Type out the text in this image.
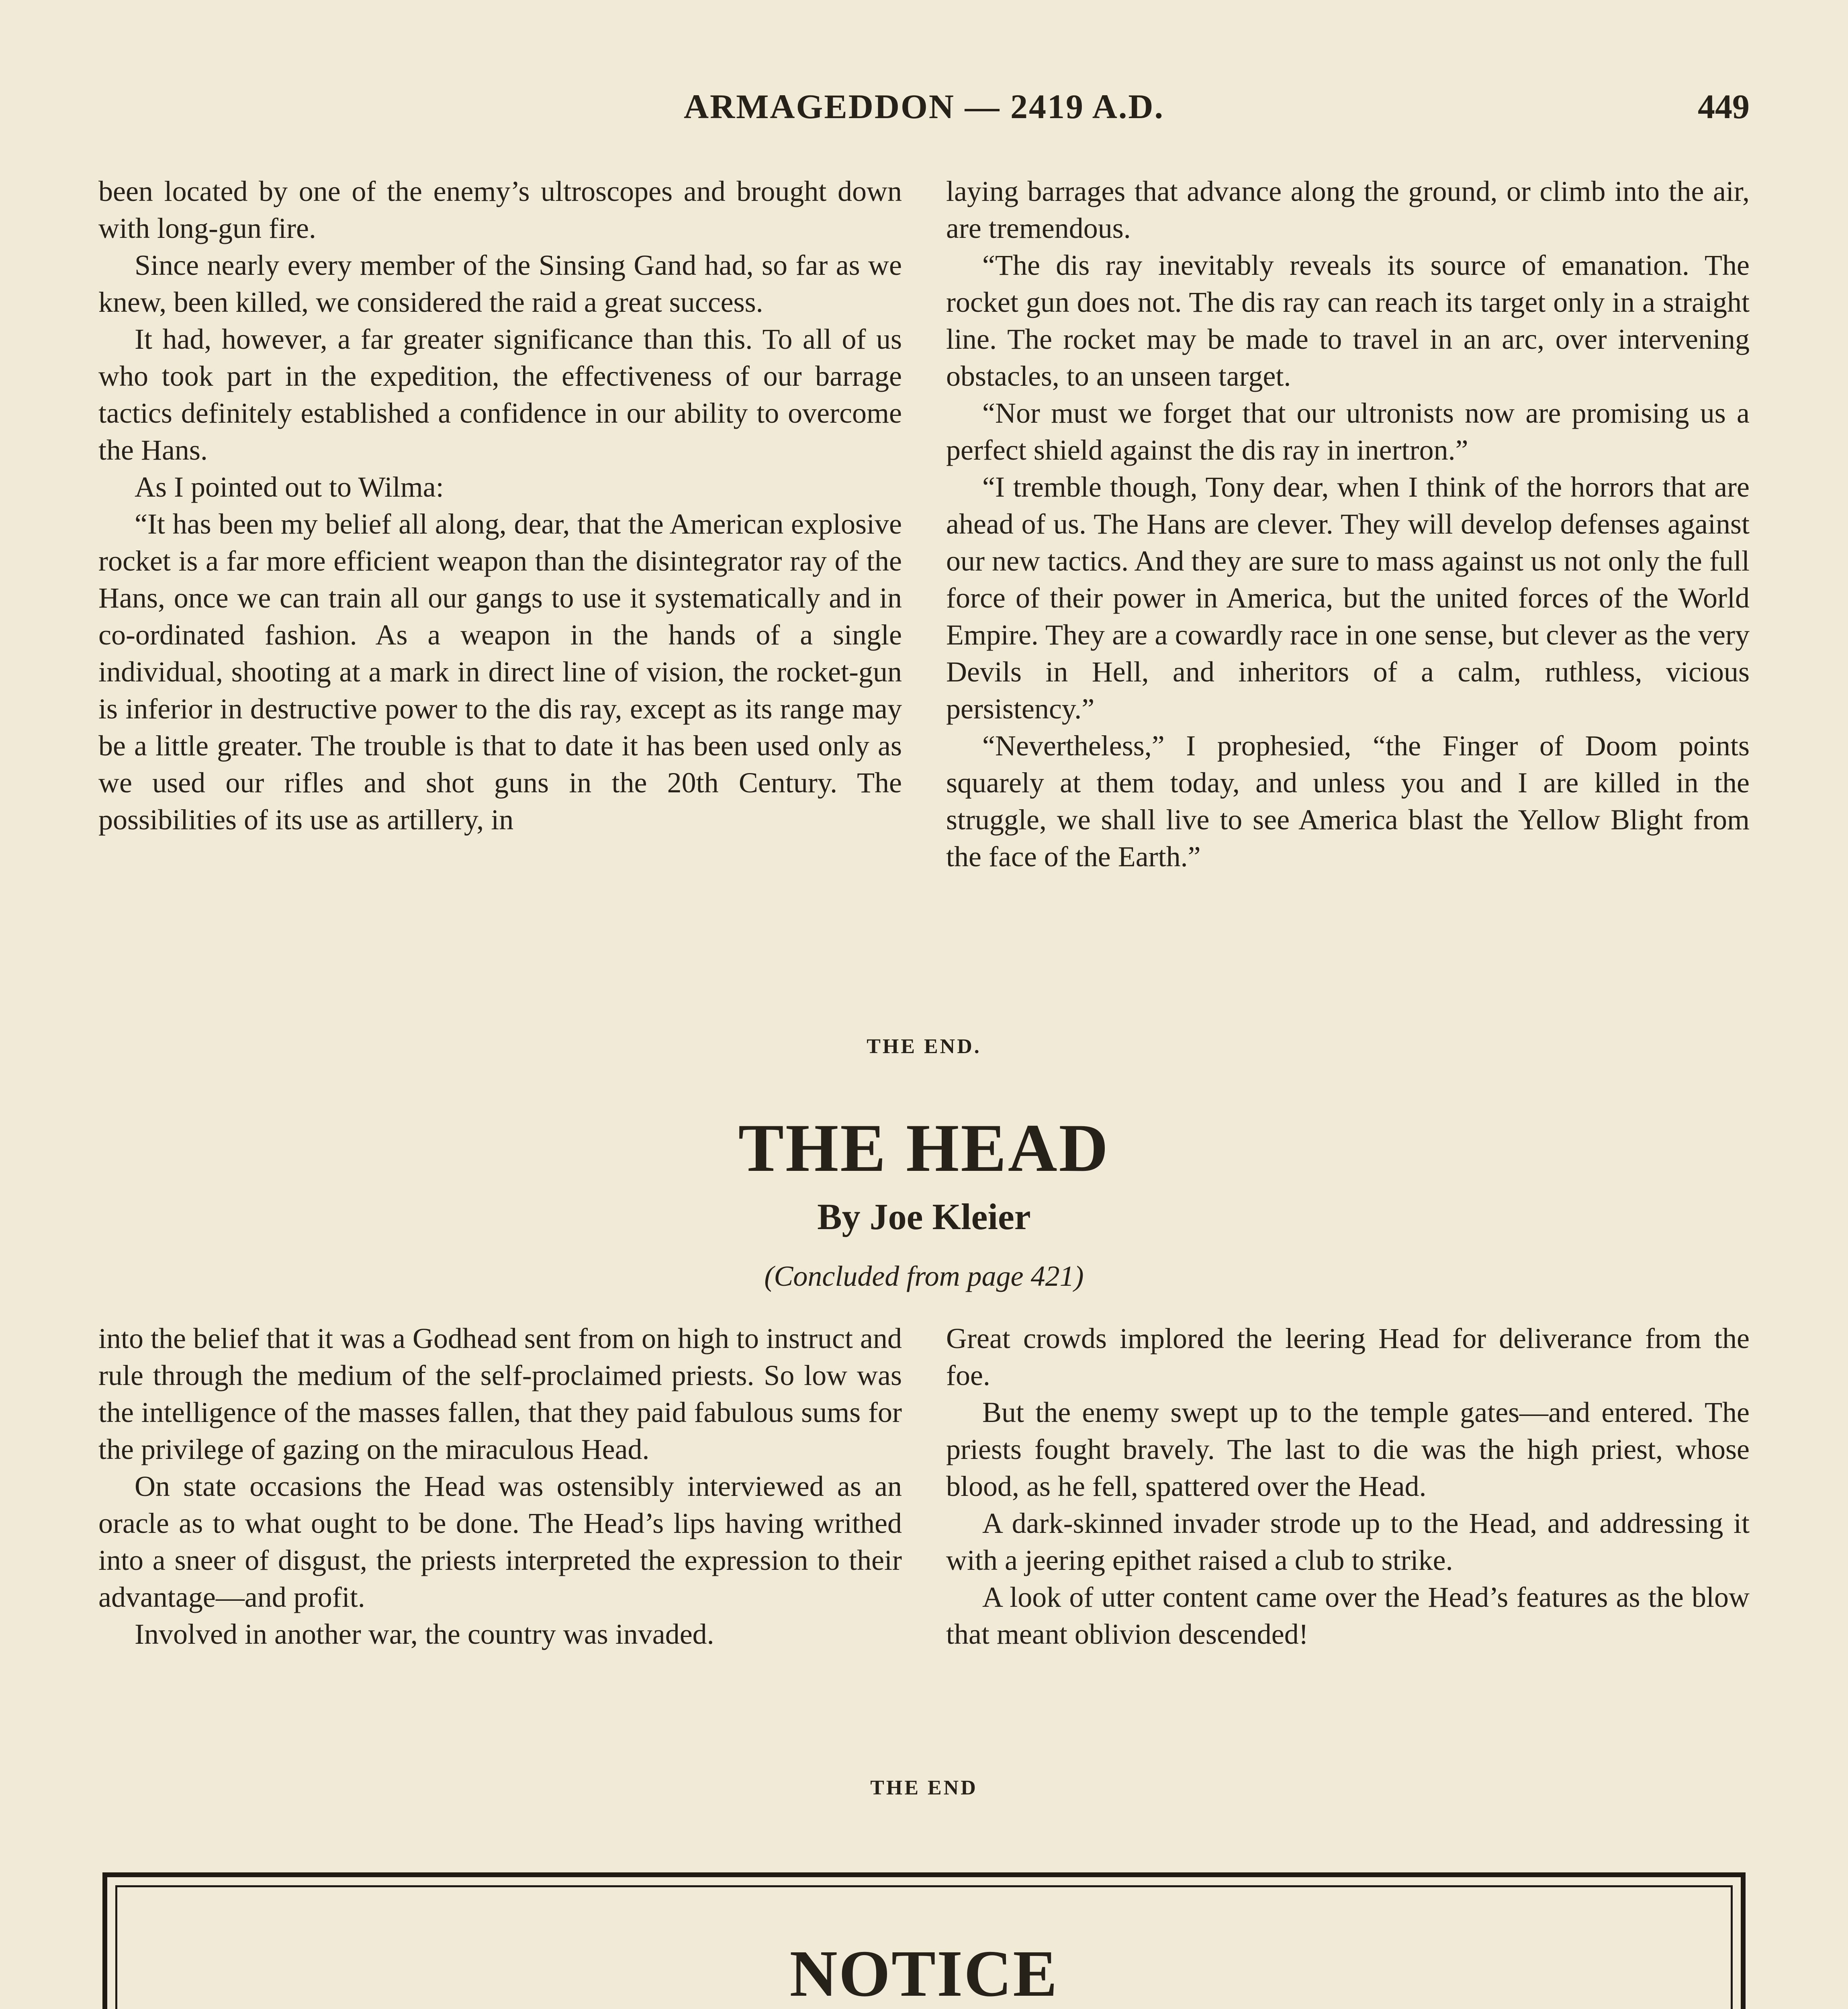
ARMAGEDDON — 2419 A.D.	449

been located by one of the enemy’s ultroscopes and brought down with long-gun fire.

Since nearly every member of the Sinsing Gand had, so far as we knew, been killed, we considered the raid a great success.

It had, however, a far greater significance than this. To all of us who took part in the expedition, the effectiveness of our barrage tactics definitely established a confidence in our ability to overcome the Hans.

As I pointed out to Wilma:

“It has been my belief all along, dear, that the American explosive rocket is a far more efficient weapon than the disintegrator ray of the Hans, once we can train all our gangs to use it systematically and in co-ordinated fashion. As a weapon in the hands of a single individual, shooting at a mark in direct line of vision, the rocket-gun is inferior in destructive power to the dis ray, except as its range may be a little greater. The trouble is that to date it has been used only as we used our rifles and shot guns in the 20th Century. The possibilities of its use as artillery, in

laying barrages that advance along the ground, or climb into the air, are tremendous.

“The dis ray inevitably reveals its source of emanation. The rocket gun does not. The dis ray can reach its target only in a straight line. The rocket may be made to travel in an arc, over intervening obstacles, to an unseen target.

“Nor must we forget that our ultronists now are promising us a perfect shield against the dis ray in inertron.”

“I tremble though, Tony dear, when I think of the horrors that are ahead of us. The Hans are clever. They will develop defenses against our new tactics. And they are sure to mass against us not only the full force of their power in America, but the united forces of the World Empire. They are a cowardly race in one sense, but clever as the very Devils in Hell, and inheritors of a calm, ruthless, vicious persistency.”

“Nevertheless,” I prophesied, “the Finger of Doom points squarely at them today, and unless you and I are killed in the struggle, we shall live to see America blast the Yellow Blight from the face of the Earth.”

THE END.
THE HEAD
By Joe Kleier
(Concluded from page 421)

into the belief that it was a Godhead sent from on high to instruct and rule through the medium of the self-proclaimed priests. So low was the intelligence of the masses fallen, that they paid fabulous sums for the privilege of gazing on the miraculous Head.

On state occasions the Head was ostensibly interviewed as an oracle as to what ought to be done. The Head’s lips having writhed into a sneer of disgust, the priests interpreted the expression to their advantage—and profit.

Involved in another war, the country was invaded.

Great crowds implored the leering Head for deliverance from the foe.

But the enemy swept up to the temple gates—and entered. The priests fought bravely. The last to die was the high priest, whose blood, as he fell, spattered over the Head.

A dark-skinned invader strode up to the Head, and addressing it with a jeering epithet raised a club to strike.

A look of utter content came over the Head’s features as the blow that meant oblivion descended!

THE END
NOTICE
